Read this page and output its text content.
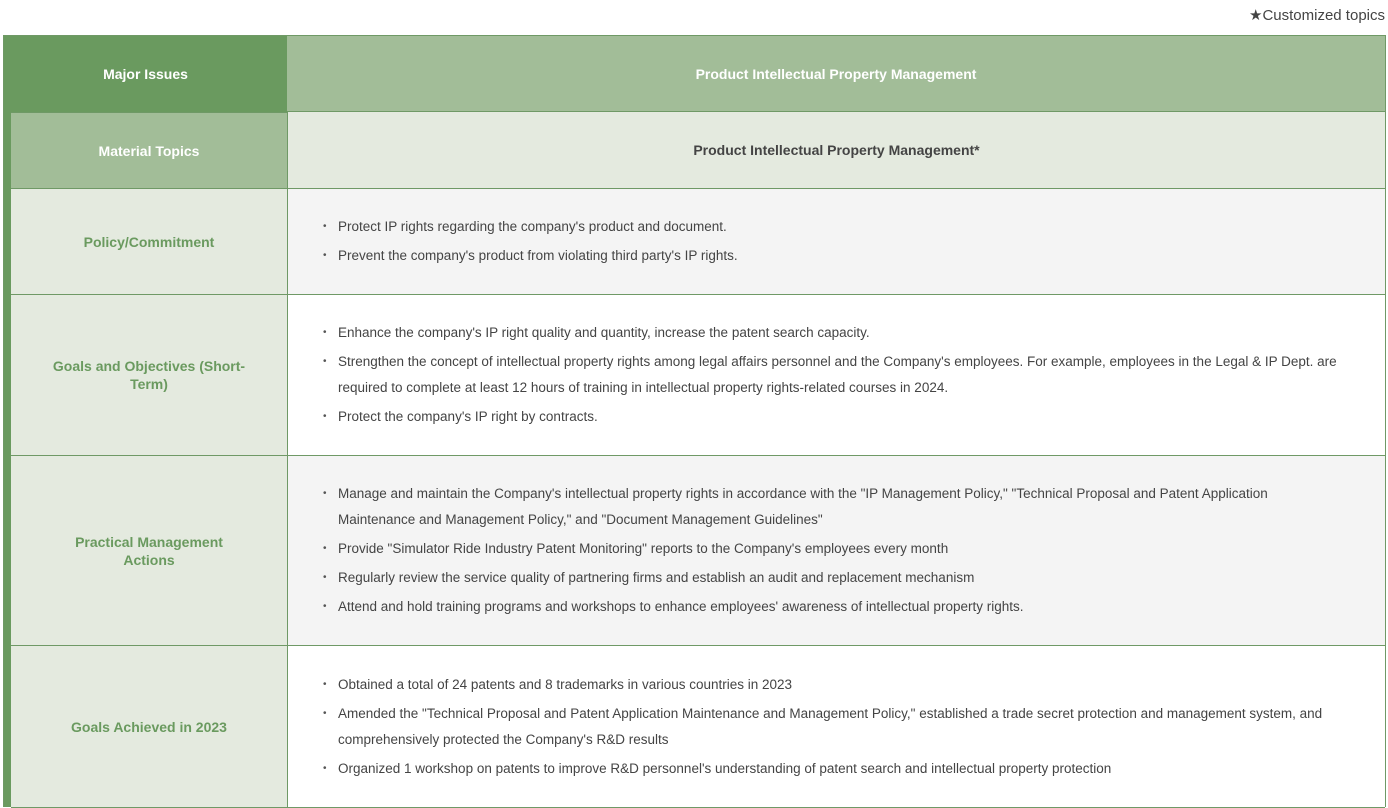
★Customized topics
Major Issues	Product Intellectual Property Management
Material Topics	Product Intellectual Property Management*
Policy/Commitment
• Protect IP rights regarding the company's product and document.
• Prevent the company's product from violating third party's IP rights.
Goals and Objectives (Short-Term)
• Enhance the company's IP right quality and quantity, increase the patent search capacity.
• Strengthen the concept of intellectual property rights among legal affairs personnel and the Company's employees. For example, employees in the Legal & IP Dept. are required to complete at least 12 hours of training in intellectual property rights-related courses in 2024.
• Protect the company's IP right by contracts.
Practical Management Actions
• Manage and maintain the Company's intellectual property rights in accordance with the "IP Management Policy," "Technical Proposal and Patent Application Maintenance and Management Policy," and "Document Management Guidelines"
• Provide "Simulator Ride Industry Patent Monitoring" reports to the Company's employees every month
• Regularly review the service quality of partnering firms and establish an audit and replacement mechanism
• Attend and hold training programs and workshops to enhance employees' awareness of intellectual property rights.
Goals Achieved in 2023
• Obtained a total of 24 patents and 8 trademarks in various countries in 2023
• Amended the "Technical Proposal and Patent Application Maintenance and Management Policy," established a trade secret protection and management system, and comprehensively protected the Company's R&D results
• Organized 1 workshop on patents to improve R&D personnel's understanding of patent search and intellectual property protection
